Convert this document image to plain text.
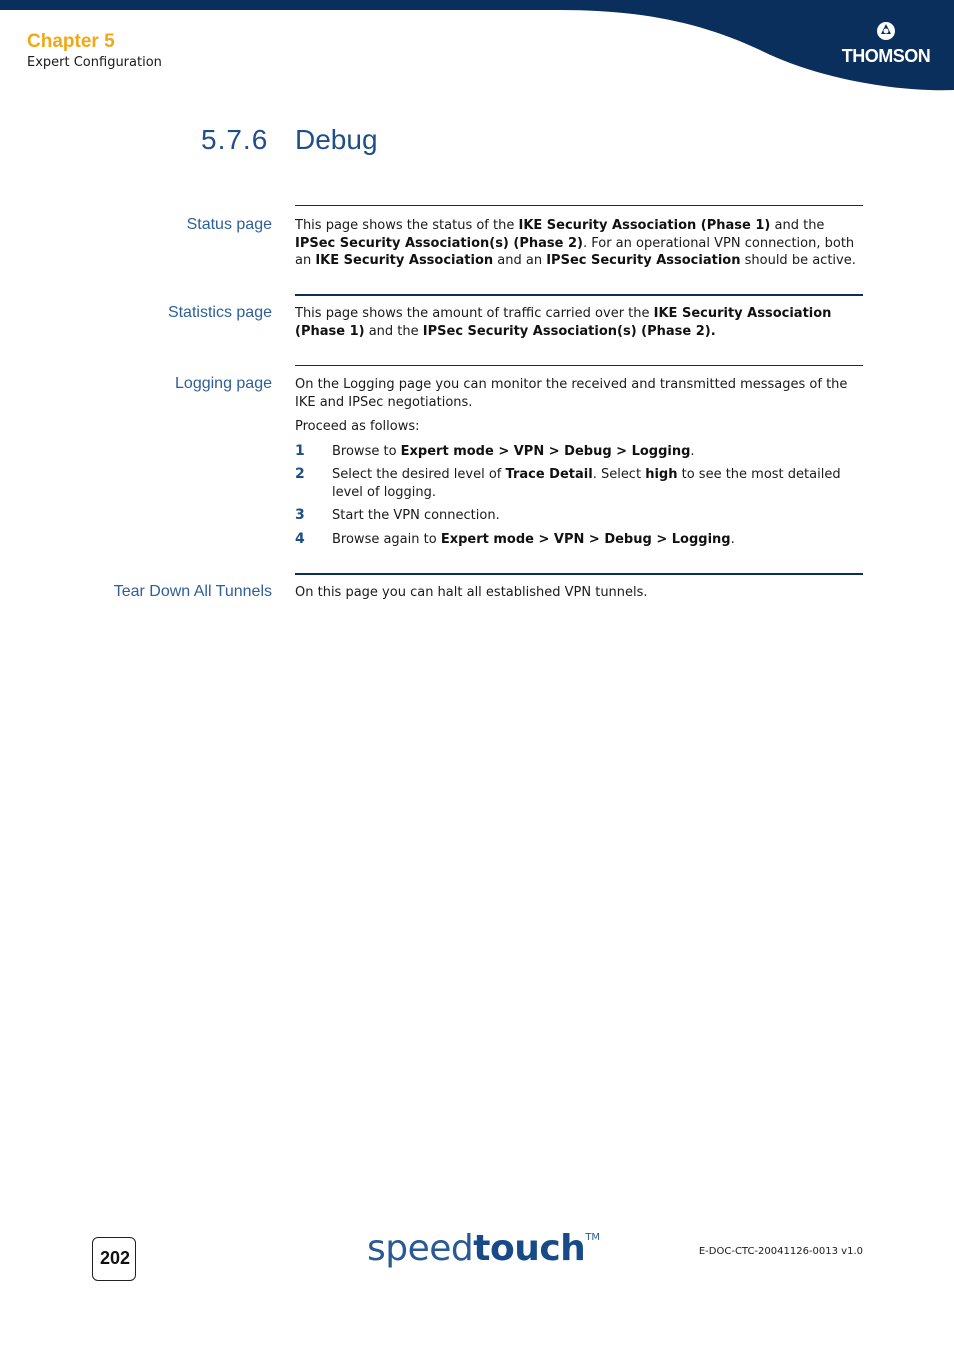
Chapter 5
Expert Configuration	THOMSON
5.7.6 Debug
Status page This page shows the status of the IKE Security Association (Phase 1) and the IPSec Security Association(s) (Phase 2). For an operational VPN connection, both an IKE Security Association and an IPSec Security Association should be active.
Statistics page This page shows the amount of traffic carried over the IKE Security Association (Phase 1) and the IPSec Security Association(s) (Phase 2).
Logging page On the Logging page you can monitor the received and transmitted messages of the IKE and IPSec negotiations.

Proceed as follows:

1 Browse to Expert mode > VPN > Debug > Logging.
2 Select the desired level of Trace Detail. Select high to see the most detailed level of logging.
3 Start the VPN connection.
4 Browse again to Expert mode > VPN > Debug > Logging.
Tear Down All Tunnels On this page you can halt all established VPN tunnels.
202	speedtouch™
E-DOC-CTC-20041126-0013 v1.0
